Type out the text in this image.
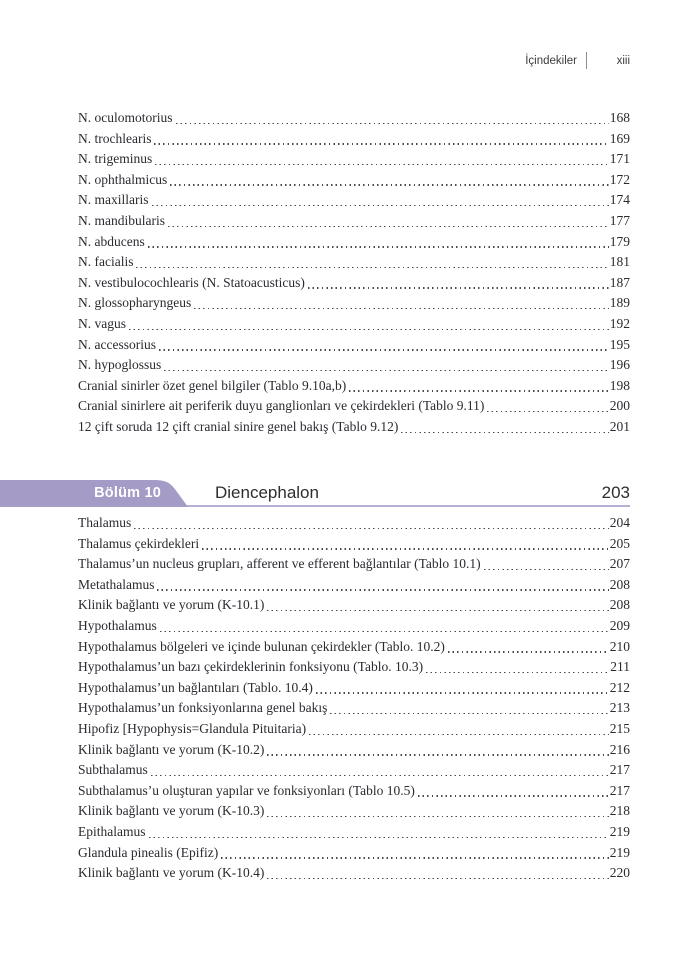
İçindekiler	xiii
N. oculomotorius	168
N. trochlearis	169
N. trigeminus	171
N. ophthalmicus	172
N. maxillaris	174
N. mandibularis	177
N. abducens	179
N. facialis	181
N. vestibulocochlearis (N. Statoacusticus)	187
N. glossopharyngeus	189
N. vagus	192
N. accessorius	195
N. hypoglossus	196
Cranial sinirler özet genel bilgiler (Tablo 9.10a,b)	198
Cranial sinirlere ait periferik duyu ganglionları ve çekirdekleri (Tablo 9.11)	200
12 çift soruda 12 çift cranial sinire genel bakış (Tablo 9.12)	201
Bölüm 10	Diencephalon	203
Thalamus	204
Thalamus çekirdekleri	205
Thalamus’un nucleus grupları, afferent ve efferent bağlantılar (Tablo 10.1)	207
Metathalamus	208
Klinik bağlantı ve yorum (K-10.1)	208
Hypothalamus	209
Hypothalamus bölgeleri ve içinde bulunan çekirdekler (Tablo. 10.2)	210
Hypothalamus’un bazı çekirdeklerinin fonksiyonu (Tablo. 10.3)	211
Hypothalamus’un bağlantıları (Tablo. 10.4)	212
Hypothalamus’un fonksiyonlarına genel bakış	213
Hipofiz [Hypophysis=Glandula Pituitaria)	215
Klinik bağlantı ve yorum (K-10.2)	216
Subthalamus	217
Subthalamus’u oluşturan yapılar ve fonksiyonları (Tablo 10.5)	217
Klinik bağlantı ve yorum (K-10.3)	218
Epithalamus	219
Glandula pinealis (Epifiz)	219
Klinik bağlantı ve yorum (K-10.4)	220
